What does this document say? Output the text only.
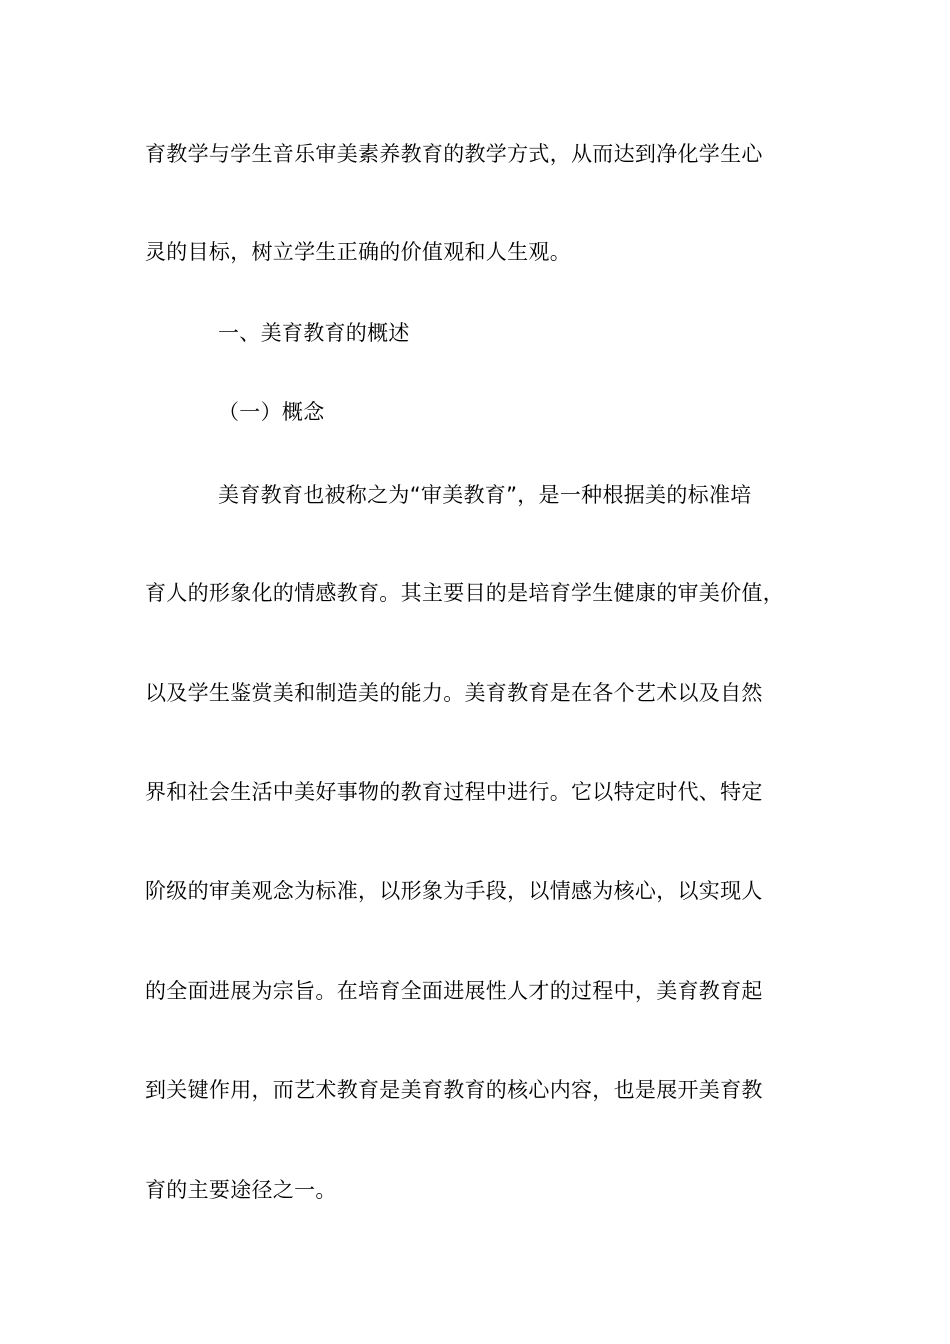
育教学与学生音乐审美素养教育的教学方式，从而达到净化学生心
灵的目标，树立学生正确的价值观和人生观。
一、美育教育的概述
（一）概念
美育教育也被称之为“审美教育”，是一种根据美的标准培
育人的形象化的情感教育。其主要目的是培育学生健康的审美价值，
以及学生鉴赏美和制造美的能力。美育教育是在各个艺术以及自然
界和社会生活中美好事物的教育过程中进行。它以特定时代、特定
阶级的审美观念为标准，以形象为手段，以情感为核心，以实现人
的全面进展为宗旨。在培育全面进展性人才的过程中，美育教育起
到关键作用，而艺术教育是美育教育的核心内容，也是展开美育教
育的主要途径之一。
